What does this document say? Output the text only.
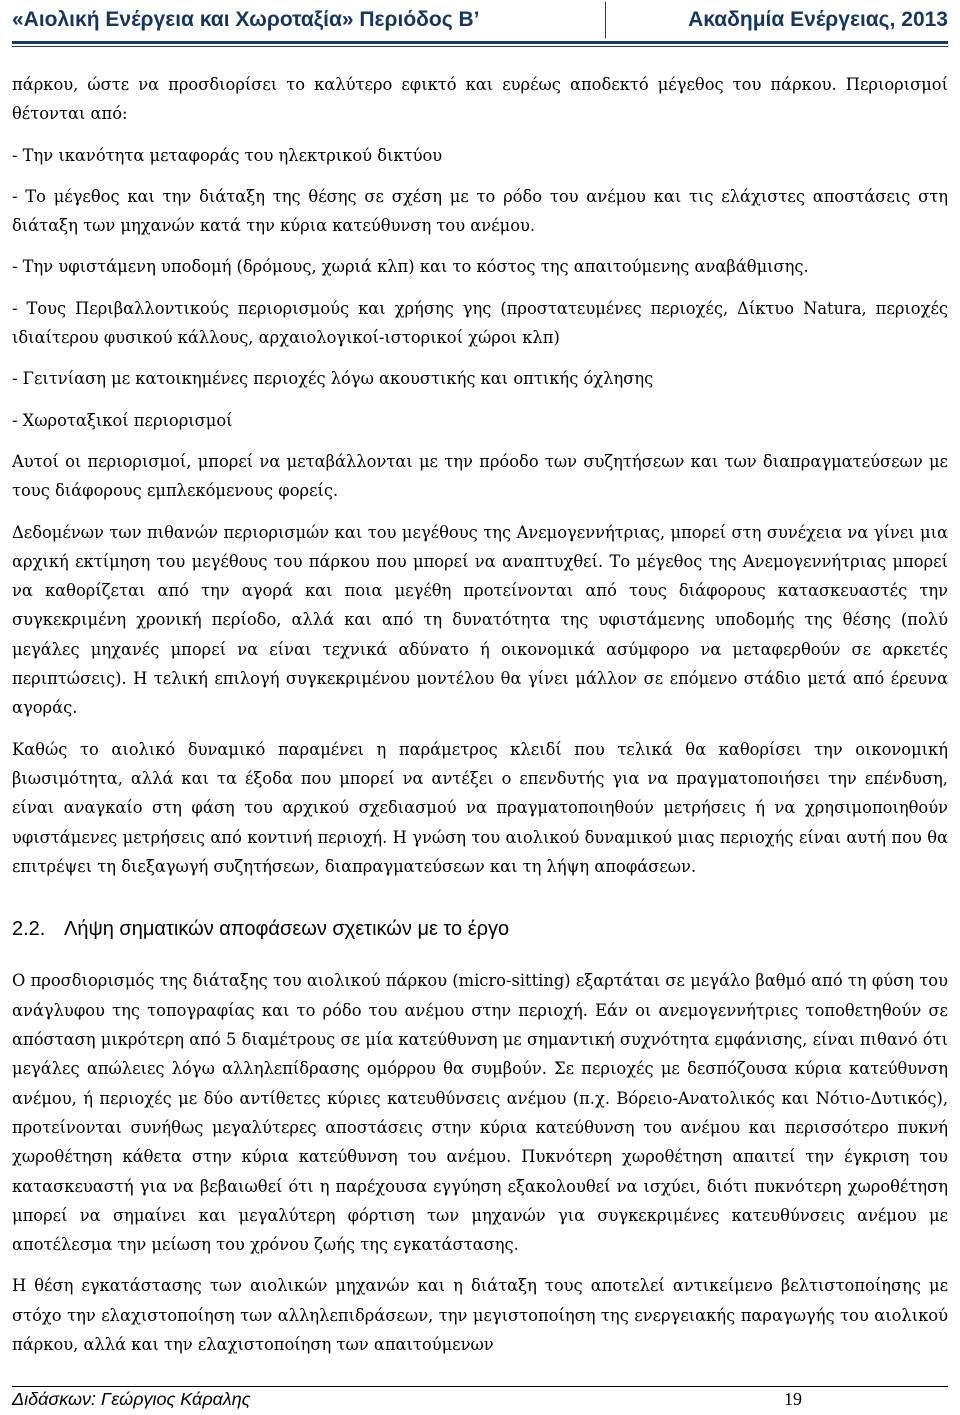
«Αιολική Ενέργεια και Χωροταξία» Περιόδος Β’	Ακαδημία Ενέργειας, 2013

πάρκου, ώστε να προσδιορίσει το καλύτερο εφικτό και ευρέως αποδεκτό μέγεθος του πάρκου. Περιορισμοί θέτονται από:

- Την ικανότητα μεταφοράς του ηλεκτρικού δικτύου

- Το μέγεθος και την διάταξη της θέσης σε σχέση με το ρόδο του ανέμου και τις ελάχιστες αποστάσεις στη διάταξη των μηχανών κατά την κύρια κατεύθυνση του ανέμου.

- Την υφιστάμενη υποδομή (δρόμους, χωριά κλπ) και το κόστος της απαιτούμενης αναβάθμισης.

- Τους Περιβαλλοντικούς περιορισμούς και χρήσης γης (προστατευμένες περιοχές, Δίκτυο Natura, περιοχές ιδιαίτερου φυσικού κάλλους, αρχαιολογικοί-ιστορικοί χώροι κλπ)

- Γειτνίαση με κατοικημένες περιοχές λόγω ακουστικής και οπτικής όχλησης

- Χωροταξικοί περιορισμοί

Αυτοί οι περιορισμοί, μπορεί να μεταβάλλονται με την πρόοδο των συζητήσεων και των διαπραγματεύσεων με τους διάφορους εμπλεκόμενους φορείς.

Δεδομένων των πιθανών περιορισμών και του μεγέθους της Ανεμογεννήτριας, μπορεί στη συνέχεια να γίνει μια αρχική εκτίμηση του μεγέθους του πάρκου που μπορεί να αναπτυχθεί. Το μέγεθος της Ανεμογεννήτριας μπορεί να καθορίζεται από την αγορά και ποια μεγέθη προτείνονται από τους διάφορους κατασκευαστές την συγκεκριμένη χρονική περίοδο, αλλά και από τη δυνατότητα της υφιστάμενης υποδομής της θέσης (πολύ μεγάλες μηχανές μπορεί να είναι τεχνικά αδύνατο ή οικονομικά ασύμφορο να μεταφερθούν σε αρκετές περιπτώσεις). Η τελική επιλογή συγκεκριμένου μοντέλου θα γίνει μάλλον σε επόμενο στάδιο μετά από έρευνα αγοράς.

Καθώς το αιολικό δυναμικό παραμένει η παράμετρος κλειδί που τελικά θα καθορίσει την οικονομική βιωσιμότητα, αλλά και τα έξοδα που μπορεί να αντέξει ο επενδυτής για να πραγματοποιήσει την επένδυση, είναι αναγκαίο στη φάση του αρχικού σχεδιασμού να πραγματοποιηθούν μετρήσεις ή να χρησιμοποιηθούν υφιστάμενες μετρήσεις από κοντινή περιοχή. Η γνώση του αιολικού δυναμικού μιας περιοχής είναι αυτή που θα επιτρέψει τη διεξαγωγή συζητήσεων, διαπραγματεύσεων και τη λήψη αποφάσεων.

2.2. Λήψη σηματικών αποφάσεων σχετικών με το έργο

Ο προσδιορισμός της διάταξης του αιολικού πάρκου (micro-sitting) εξαρτάται σε μεγάλο βαθμό από τη φύση του ανάγλυφου της τοπογραφίας και το ρόδο του ανέμου στην περιοχή. Εάν οι ανεμογεννήτριες τοποθετηθούν σε απόσταση μικρότερη από 5 διαμέτρους σε μία κατεύθυνση με σημαντική συχνότητα εμφάνισης, είναι πιθανό ότι μεγάλες απώλειες λόγω αλληλεπίδρασης ομόρρου θα συμβούν. Σε περιοχές με δεσπόζουσα κύρια κατεύθυνση ανέμου, ή περιοχές με δύο αντίθετες κύριες κατευθύνσεις ανέμου (π.χ. Βόρειο-Ανατολικός και Νότιο-Δυτικός), προτείνονται συνήθως μεγαλύτερες αποστάσεις στην κύρια κατεύθυνση του ανέμου και περισσότερο πυκνή χωροθέτηση κάθετα στην κύρια κατεύθυνση του ανέμου. Πυκνότερη χωροθέτηση απαιτεί την έγκριση του κατασκευαστή για να βεβαιωθεί ότι η παρέχουσα εγγύηση εξακολουθεί να ισχύει, διότι πυκνότερη χωροθέτηση μπορεί να σημαίνει και μεγαλύτερη φόρτιση των μηχανών για συγκεκριμένες κατευθύνσεις ανέμου με αποτέλεσμα την μείωση του χρόνου ζωής της εγκατάστασης.

Η θέση εγκατάστασης των αιολικών μηχανών και η διάταξη τους αποτελεί αντικείμενο βελτιστοποίησης με στόχο την ελαχιστοποίηση των αλληλεπιδράσεων, την μεγιστοποίηση της ενεργειακής παραγωγής του αιολικού πάρκου, αλλά και την ελαχιστοποίηση των απαιτούμενων

Διδάσκων: Γεώργιος Κάραλης	19
